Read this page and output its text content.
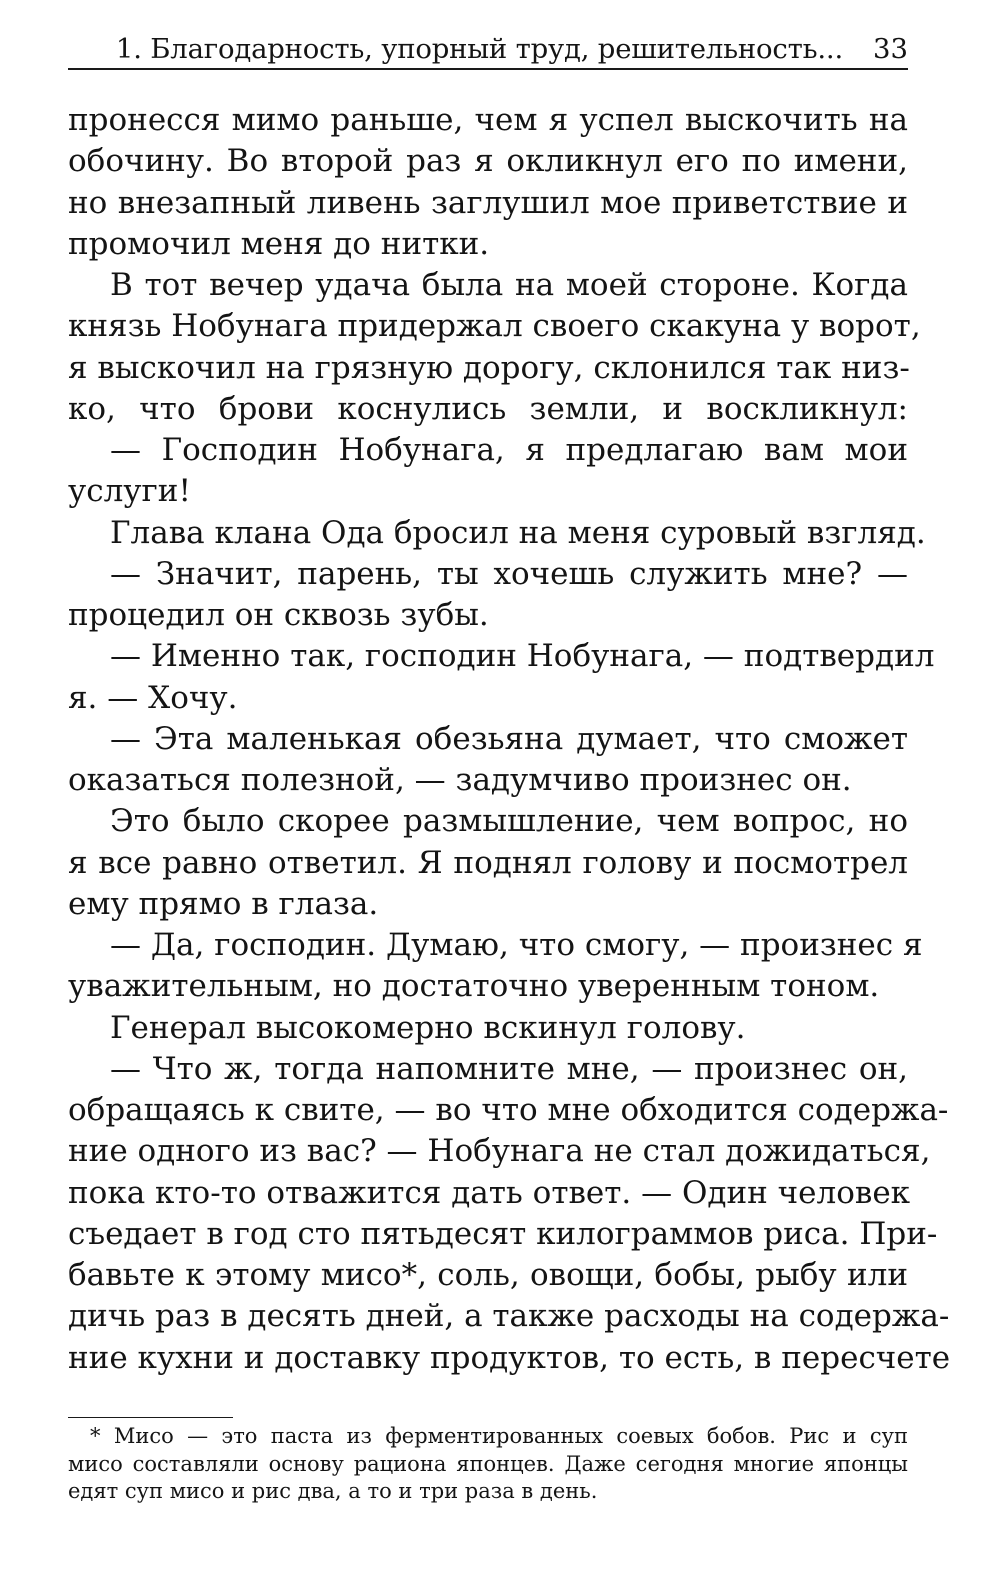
1. Благодарность, упорный труд, решительность... 33
пронесся мимо раньше, чем я успел выскочить на
обочину. Во второй раз я окликнул его по имени,
но внезапный ливень заглушил мое приветствие и
промочил меня до нитки.
В тот вечер удача была на моей стороне. Когда
князь Нобунага придержал своего скакуна у ворот,
я выскочил на грязную дорогу, склонился так низ-
ко, что брови коснулись земли, и воскликнул:
— Господин Нобунага, я предлагаю вам мои
услуги!
Глава клана Ода бросил на меня суровый взгляд.
— Значит, парень, ты хочешь служить мне? —
процедил он сквозь зубы.
— Именно так, господин Нобунага, — подтвердил
я. — Хочу.
— Эта маленькая обезьяна думает, что сможет
оказаться полезной, — задумчиво произнес он.
Это было скорее размышление, чем вопрос, но
я все равно ответил. Я поднял голову и посмотрел
ему прямо в глаза.
— Да, господин. Думаю, что смогу, — произнес я
уважительным, но достаточно уверенным тоном.
Генерал высокомерно вскинул голову.
— Что ж, тогда напомните мне, — произнес он,
обращаясь к свите, — во что мне обходится содержа-
ние одного из вас? — Нобунага не стал дожидаться,
пока кто-то отважится дать ответ. — Один человек
съедает в год сто пятьдесят килограммов риса. При-
бавьте к этому мисо*, соль, овощи, бобы, рыбу или
дичь раз в десять дней, а также расходы на содержа-
ние кухни и доставку продуктов, то есть, в пересчете
* Мисо — это паста из ферментированных соевых бобов. Рис и суп
мисо составляли основу рациона японцев. Даже сегодня многие японцы
едят суп мисо и рис два, а то и три раза в день.
